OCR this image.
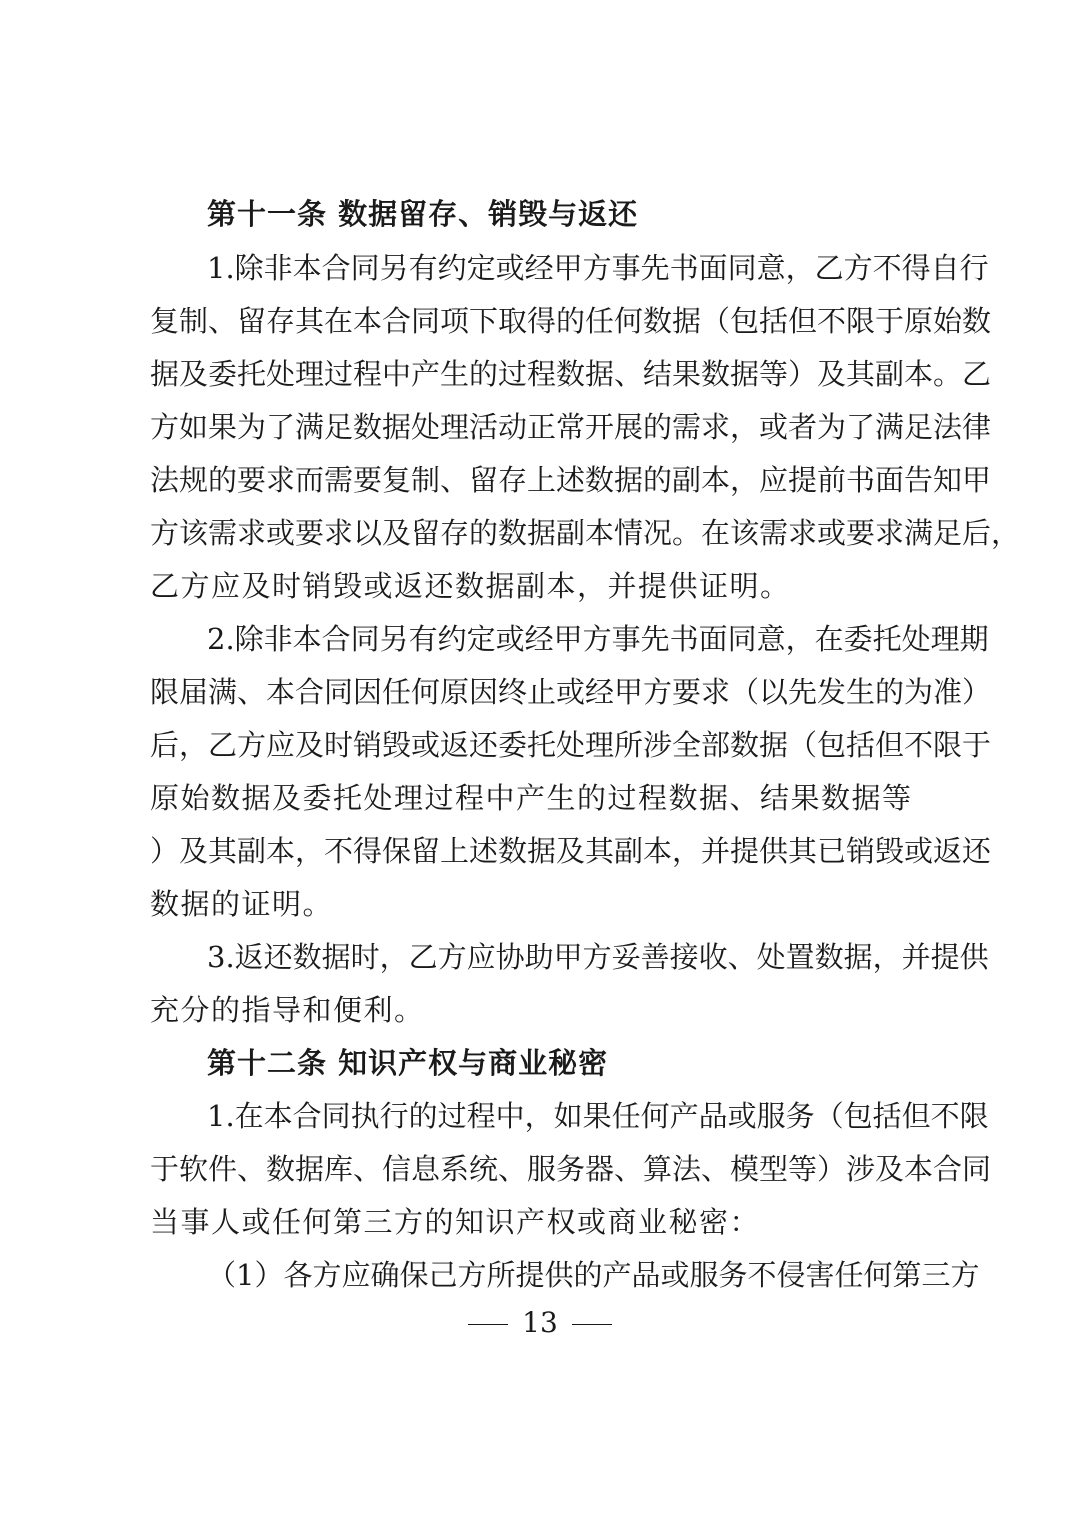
第十一条 数据留存、销毁与返还
1.除非本合同另有约定或经甲方事先书面同意，乙方不得自行
复制、留存其在本合同项下取得的任何数据（包括但不限于原始数
据及委托处理过程中产生的过程数据、结果数据等）及其副本。乙
方如果为了满足数据处理活动正常开展的需求，或者为了满足法律
法规的要求而需要复制、留存上述数据的副本，应提前书面告知甲
方该需求或要求以及留存的数据副本情况。在该需求或要求满足后，
乙方应及时销毁或返还数据副本，并提供证明。
2.除非本合同另有约定或经甲方事先书面同意，在委托处理期
限届满、本合同因任何原因终止或经甲方要求（以先发生的为准）
后，乙方应及时销毁或返还委托处理所涉全部数据（包括但不限于
原始数据及委托处理过程中产生的过程数据、结果数据等
）及其副本，不得保留上述数据及其副本，并提供其已销毁或返还
数据的证明。
3.返还数据时，乙方应协助甲方妥善接收、处置数据，并提供
充分的指导和便利。
第十二条 知识产权与商业秘密
1.在本合同执行的过程中，如果任何产品或服务（包括但不限
于软件、数据库、信息系统、服务器、算法、模型等）涉及本合同
当事人或任何第三方的知识产权或商业秘密：
（1）各方应确保己方所提供的产品或服务不侵害任何第三方
13
